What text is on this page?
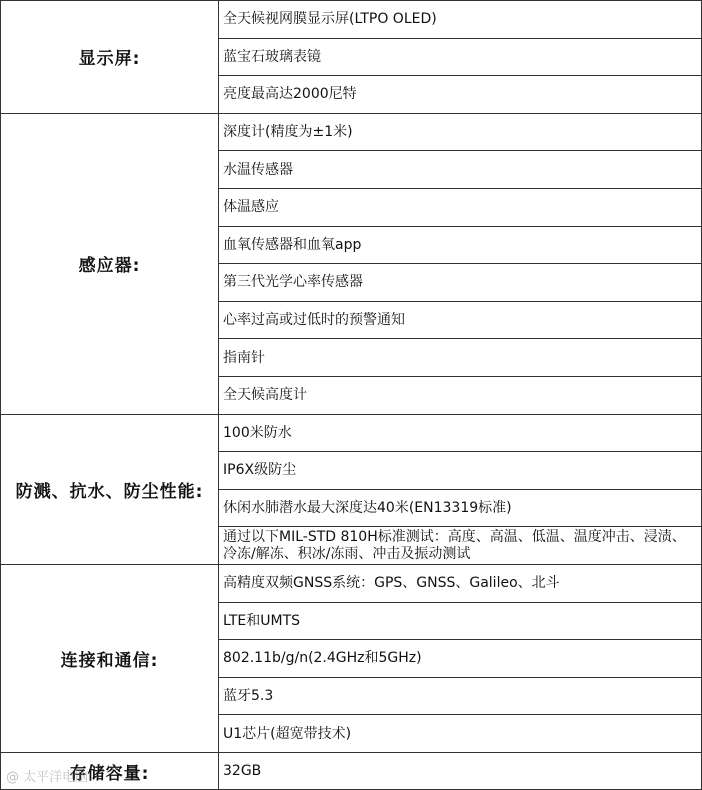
显示屏:	全天候视网膜显示屏(LTPO OLED)
	蓝宝石玻璃表镜
	亮度最高达2000尼特
感应器:	深度计(精度为±1米)
	水温传感器
	体温感应
	血氧传感器和血氧app
	第三代光学心率传感器
	心率过高或过低时的预警通知
	指南针
	全天候高度计
防溅、抗水、防尘性能:	100米防水
	IP6X级防尘
	休闲水肺潜水最大深度达40米(EN13319标准)
	通过以下MIL-STD 810H标准测试：高度、高温、低温、温度冲击、浸渍、冷冻/解冻、积冰/冻雨、冲击及振动测试
连接和通信:	高精度双频GNSS系统：GPS、GNSS、Galileo、北斗
	LTE和UMTS
	802.11b/g/n(2.4GHz和5GHz)
	蓝牙5.3
	U1芯片(超宽带技术)
存储容量:	32GB
@ 太平洋电脑
